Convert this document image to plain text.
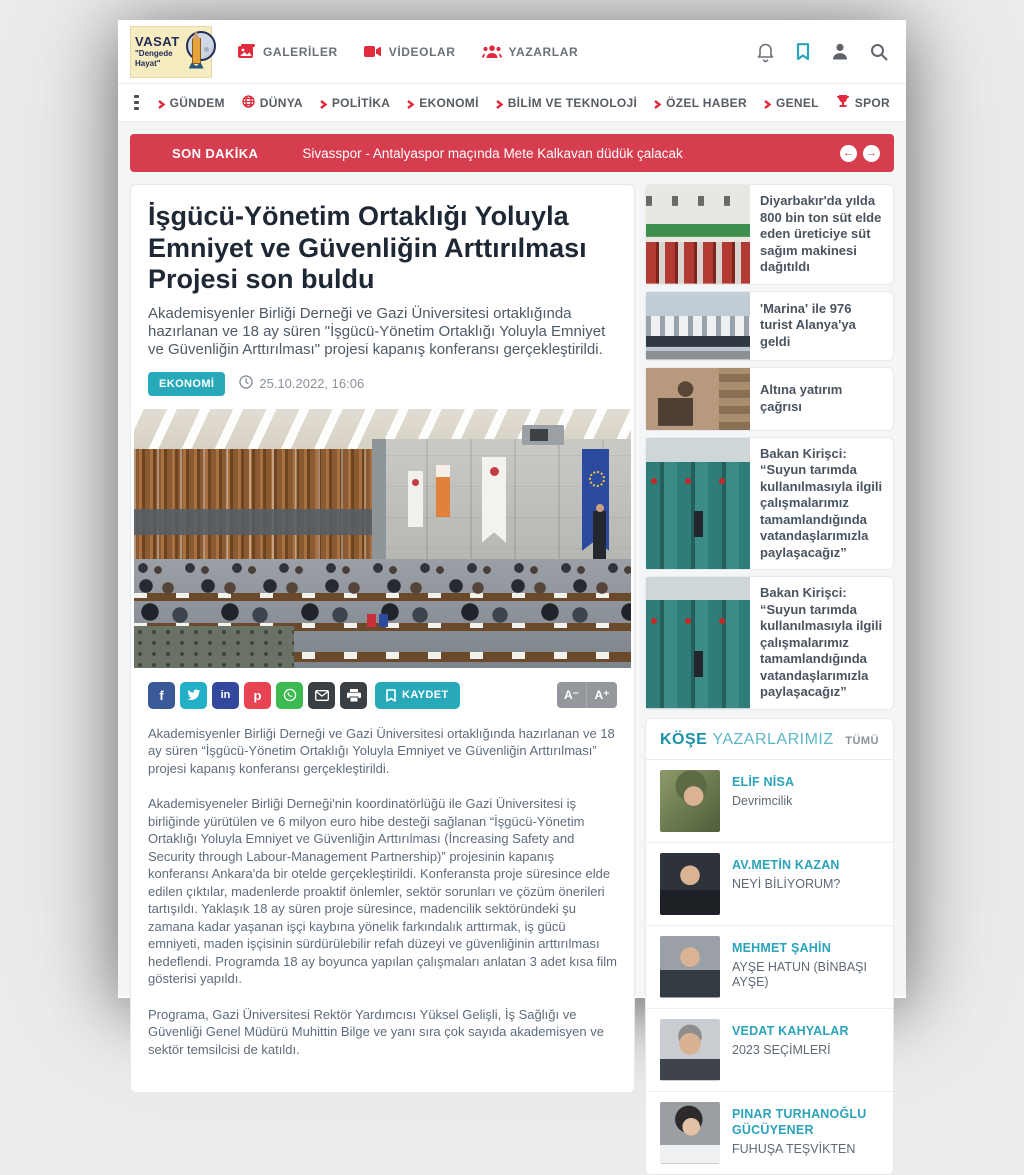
VASAT
"Dengede
Hayat"
GALERİLER	VİDEOLAR	YAZARLAR
GÜNDEM	DÜNYA POLİTİKA EKONOMİ BİLİM VE TEKNOLOJİ ÖZEL HABER GENEL	SPOR
SON DAKİKA	Sivasspor - Antalyaspor maçında Mete Kalkavan düdük çalacak	← →
İşgücü-Yönetim Ortaklığı Yoluyla Emniyet ve Güvenliğin Arttırılması Projesi son buldu
Akademisyenler Birliği Derneği ve Gazi Üniversitesi ortaklığında hazırlanan ve 18 ay süren "İşgücü-Yönetim Ortaklığı Yoluyla Emniyet ve Güvenliğin Arttırılması" projesi kapanış konferansı gerçekleştirildi.
EKONOMİ	25.10.2022, 16:06
f	in	p	KAYDET	A⁻	A⁺

Akademisyenler Birliği Derneği ve Gazi Üniversitesi ortaklığında hazırlanan ve 18 ay süren “İşgücü-Yönetim Ortaklığı Yoluyla Emniyet ve Güvenliğin Arttırılması” projesi kapanış konferansı gerçekleştirildi.

Akademisyeneler Birliği Derneği'nin koordinatörlüğü ile Gazi Üniversitesi iş birliğinde yürütülen ve 6 milyon euro hibe desteği sağlanan “İşgücü-Yönetim Ortaklığı Yoluyla Emniyet ve Güvenliğin Arttırılması (İncreasing Safety and Security through Labour-Management Partnership)” projesinin kapanış konferansı Ankara'da bir otelde gerçekleştirildi. Konferansta proje süresince elde edilen çıktılar, madenlerde proaktif önlemler, sektör sorunları ve çözüm önerileri tartışıldı. Yaklaşık 18 ay süren proje süresince, madencilik sektöründeki şu zamana kadar yaşanan işçi kaybına yönelik farkındalık arttırmak, iş gücü emniyeti, maden işçisinin sürdürülebilir refah düzeyi ve güvenliğinin arttırılması hedeflendi. Programda 18 ay boyunca yapılan çalışmaları anlatan 3 adet kısa film gösterisi yapıldı.

Programa, Gazi Üniversitesi Rektör Yardımcısı Yüksel Gelişli, İş Sağlığı ve Güvenliği Genel Müdürü Muhittin Bilge ve yanı sıra çok sayıda akademisyen ve sektör temsilcisi de katıldı.

Diyarbakır'da yılda 800 bin ton süt elde eden üreticiye süt sağım makinesi dağıtıldı
'Marina' ile 976 turist Alanya'ya geldi
Altına yatırım çağrısı
Bakan Kirişci: “Suyun tarımda kullanılmasıyla ilgili çalışmalarımız tamamlandığında vatandaşlarımızla paylaşacağız”
Bakan Kirişci: “Suyun tarımda kullanılmasıyla ilgili çalışmalarımız tamamlandığında vatandaşlarımızla paylaşacağız”
KÖŞE YAZARLARIMIZ TÜMÜ
ELİF NİSA
Devrimcilik
AV.METİN KAZAN
NEYİ BİLİYORUM?
MEHMET ŞAHİN
AYŞE HATUN (BİNBAŞI AYŞE)
VEDAT KAHYALAR
2023 SEÇİMLERİ
PINAR TURHANOĞLU GÜCÜYENER
FUHUŞA TEŞVİKTEN
